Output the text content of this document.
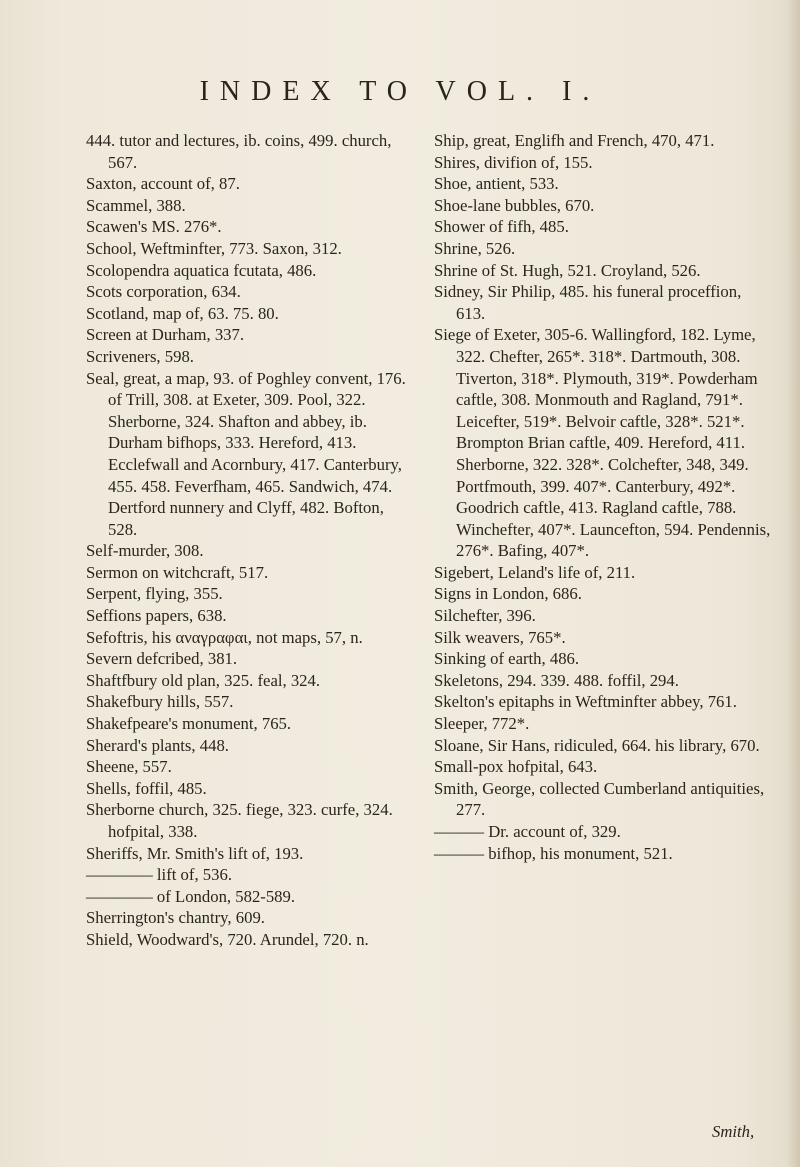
INDEX TO VOL. I.

444. tutor and lectures, ib. coins, 499. church, 567.

Saxton, account of, 87.

Scammel, 388.

Scawen's MS. 276*.

School, Weftminfter, 773. Saxon, 312.

Scolopendra aquatica fcutata, 486.

Scots corporation, 634.

Scotland, map of, 63. 75. 80.

Screen at Durham, 337.

Scriveners, 598.

Seal, great, a map, 93. of Poghley convent, 176. of Trill, 308. at Exeter, 309. Pool, 322. Sherborne, 324. Shafton and abbey, ib. Durham bifhops, 333. Hereford, 413. Ecclefwall and Acornbury, 417. Canterbury, 455. 458. Feverfham, 465. Sandwich, 474. Dertford nunnery and Clyff, 482. Bofton, 528.

Self-murder, 308.

Sermon on witchcraft, 517.

Serpent, flying, 355.

Seffions papers, 638.

Sefoftris, his αναγραφαι, not maps, 57, n.

Severn defcribed, 381.

Shaftfbury old plan, 325. feal, 324.

Shakefbury hills, 557.

Shakefpeare's monument, 765.

Sherard's plants, 448.

Sheene, 557.

Shells, foffil, 485.

Sherborne church, 325. fiege, 323. curfe, 324. hofpital, 338.

Sheriffs, Mr. Smith's lift of, 193.

———— lift of, 536.

———— of London, 582-589.

Sherrington's chantry, 609.

Shield, Woodward's, 720. Arundel, 720. n.

Ship, great, Englifh and French, 470, 471.

Shires, divifion of, 155.

Shoe, antient, 533.

Shoe-lane bubbles, 670.

Shower of fifh, 485.

Shrine, 526.

Shrine of St. Hugh, 521. Croyland, 526.

Sidney, Sir Philip, 485. his funeral proceffion, 613.

Siege of Exeter, 305-6. Wallingford, 182. Lyme, 322. Chefter, 265*. 318*. Dartmouth, 308. Tiverton, 318*. Plymouth, 319*. Powderham caftle, 308. Monmouth and Ragland, 791*. Leicefter, 519*. Belvoir caftle, 328*. 521*. Brompton Brian caftle, 409. Hereford, 411. Sherborne, 322. 328*. Colchefter, 348, 349. Portfmouth, 399. 407*. Canterbury, 492*. Goodrich caftle, 413. Ragland caftle, 788. Winchefter, 407*. Launcefton, 594. Pendennis, 276*. Bafing, 407*.

Sigebert, Leland's life of, 211.

Signs in London, 686.

Silchefter, 396.

Silk weavers, 765*.

Sinking of earth, 486.

Skeletons, 294. 339. 488. foffil, 294.

Skelton's epitaphs in Weftminfter abbey, 761.

Sleeper, 772*.

Sloane, Sir Hans, ridiculed, 664. his library, 670.

Small-pox hofpital, 643.

Smith, George, collected Cumberland antiquities, 277.

——— Dr. account of, 329.

——— bifhop, his monument, 521.

Smith,
